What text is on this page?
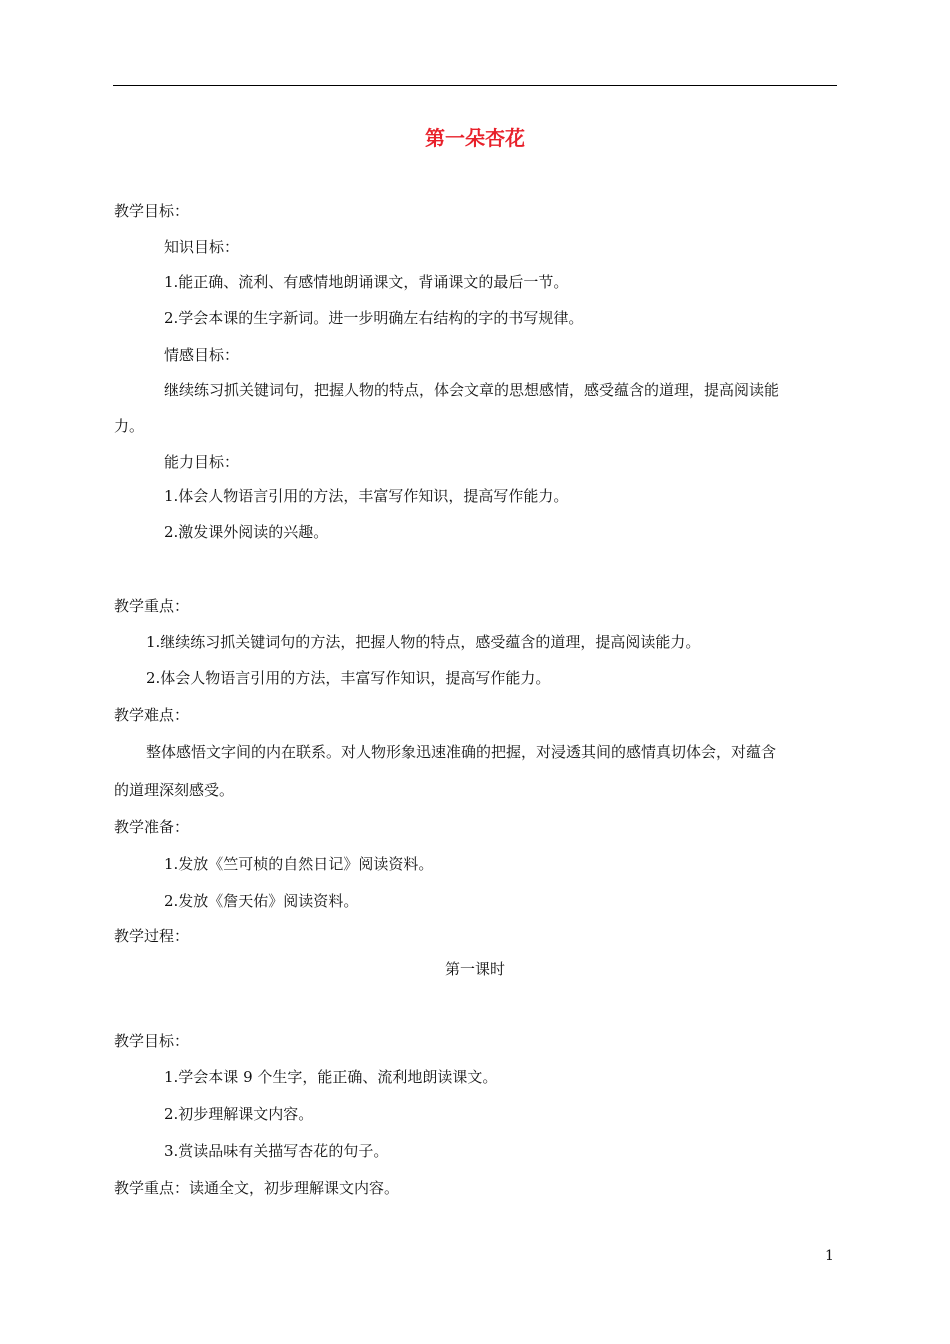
第一朵杏花
教学目标：
知识目标：
1.能正确、流利、有感情地朗诵课文，背诵课文的最后一节。
2.学会本课的生字新词。进一步明确左右结构的字的书写规律。
情感目标：
继续练习抓关键词句，把握人物的特点，体会文章的思想感情，感受蕴含的道理，提高阅读能
力。
能力目标：
1.体会人物语言引用的方法，丰富写作知识，提高写作能力。
2.激发课外阅读的兴趣。
教学重点：
1.继续练习抓关键词句的方法，把握人物的特点，感受蕴含的道理，提高阅读能力。
2.体会人物语言引用的方法，丰富写作知识，提高写作能力。
教学难点：
整体感悟文字间的内在联系。对人物形象迅速准确的把握，对浸透其间的感情真切体会，对蕴含
的道理深刻感受。
教学准备：
1.发放《竺可桢的自然日记》阅读资料。
2.发放《詹天佑》阅读资料。
教学过程：
第一课时
教学目标：
1.学会本课 9 个生字，能正确、流利地朗读课文。
2.初步理解课文内容。
3.赏读品味有关描写杏花的句子。
教学重点：读通全文，初步理解课文内容。
1
